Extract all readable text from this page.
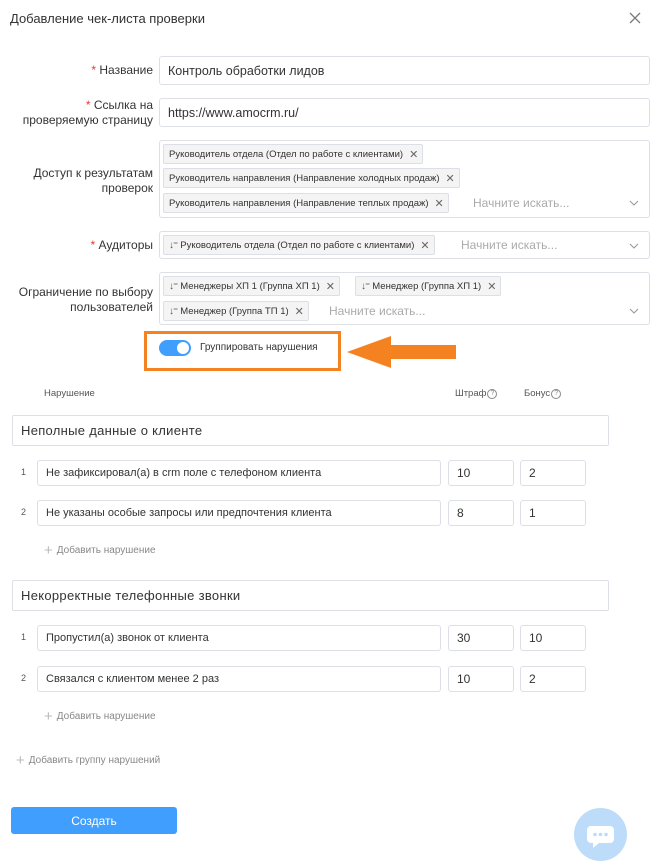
Добавление чек-листа проверки
* Название	Контроль обработки лидов
* Ссылка на
проверяемую страницу
https://www.amocrm.ru/
Доступ к результатам
проверок
Руководитель отдела (Отдел по работе с клиентами) ✕
Руководитель направления (Направление холодных продаж) ✕
Руководитель направления (Направление теплых продаж) ✕ Начните искать...
* Аудиторы ↓⁼ Руководитель отдела (Отдел по работе с клиентами) ✕	Начните искать...
Ограничение по выбору
пользователей
↓⁼ Менеджеры ХП 1 (Группа ХП 1) ✕	↓⁼ Менеджер (Группа ХП 1) ✕
↓⁼ Менеджер (Группа ТП 1) ✕ Начните искать...
Группировать нарушения
Нарушение	Штраф ?	Бонус ?
Неполные данные о клиенте
1	Не зафиксировал(а) в crm поле с телефоном клиента	10	2
2	Не указаны особые запросы или предпочтения клиента	8	1
+ Добавить нарушение
Некорректные телефонные звонки
1	Пропустил(а) звонок от клиента	30	10
2	Связался с клиентом менее 2 раз	10	2
+ Добавить нарушение
+ Добавить группу нарушений
Создать
